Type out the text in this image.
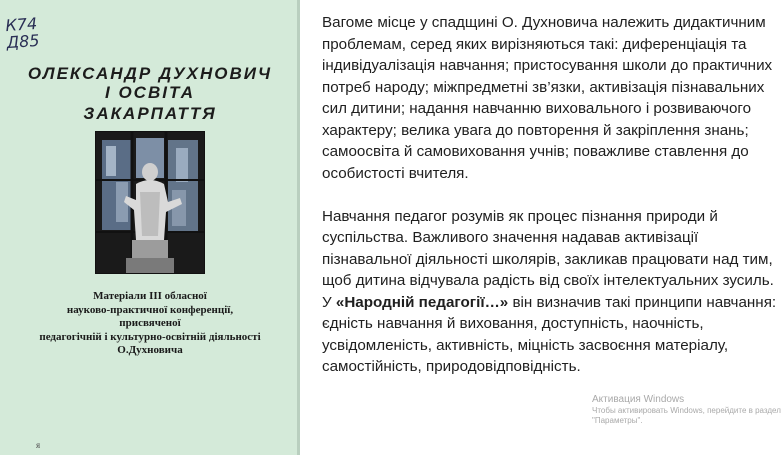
К74
Д85
ОЛЕКСАНДР ДУХНОВИЧ
І ОСВІТА
ЗАКАРПАТТЯ
Матеріали III обласної
науково-практичної конференції,
присвяченої
педагогічній і культурно-освітній діяльності
О.Духновича
я

Вагоме місце у спадщині О. Духновича належить дидактичним проблемам, серед яких вирізняються такі: диференціація та індивідуалізація навчання; пристосування школи до практичних потреб народу; міжпредметні зв’язки, активізація пізнавальних сил дитини; надання навчанню виховального і розвиваючого характеру; велика увага до повторення й закріплення знань; самоосвіта й самовиховання учнів; поважливе ставлення до особистості вчителя.

Навчання педагог розумів як процес пізнання природи й суспільства. Важливого значення надавав активізації пізнавальної діяльності школярів, закликав працювати над тим, щоб дитина відчувала радість від своїх інтелектуальних зусиль. У «Народній педагогії…» він визначив такі принципи навчання: єдність навчання й виховання, доступність, наочність, усвідомленість, активність, міцність засвоєння матеріалу, самостійність, природовідповідність.

Активация Windows
Чтобы активировать Windows, перейдите в раздел
"Параметры".
